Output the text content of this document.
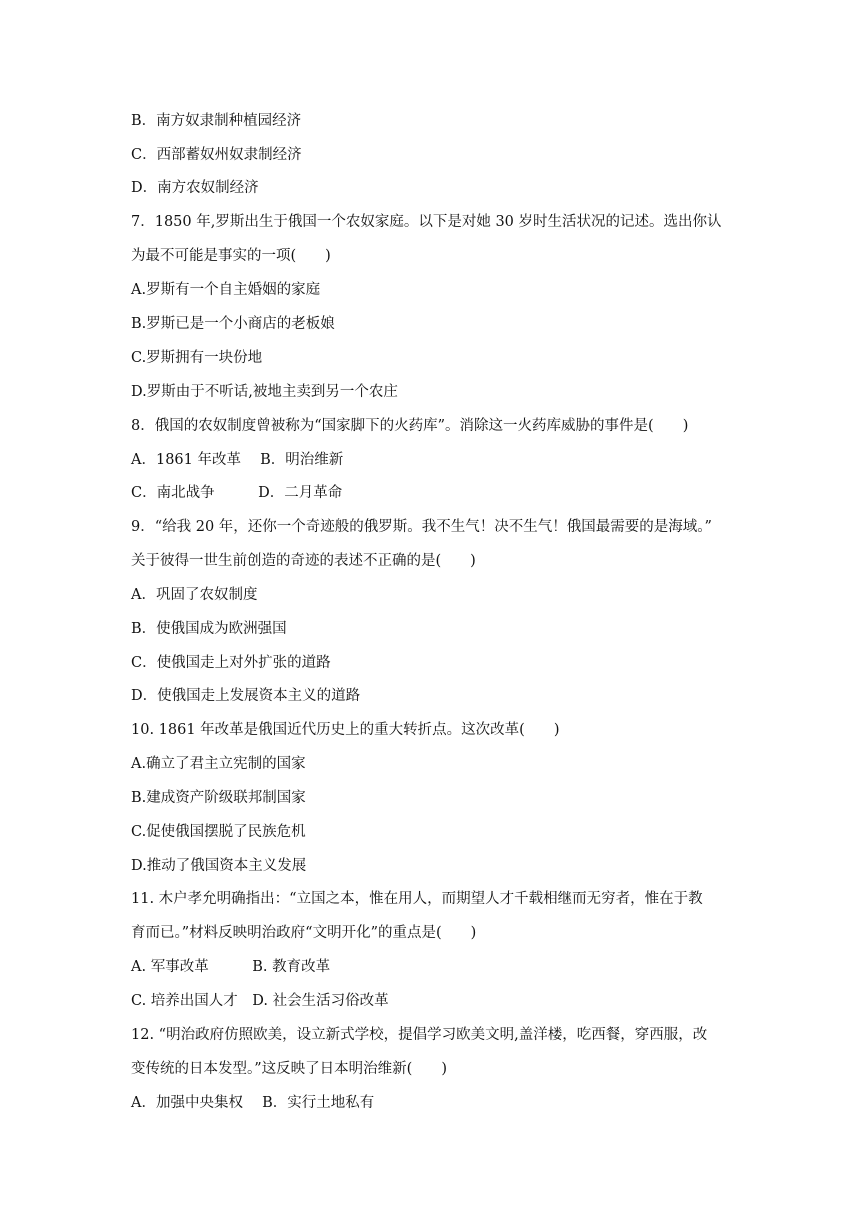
B．南方奴隶制种植园经济
C．西部蓄奴州奴隶制经济
D．南方农奴制经济
7．1850 年,罗斯出生于俄国一个农奴家庭。以下是对她 30 岁时生活状况的记述。选出你认
为最不可能是事实的一项(　　)
A.罗斯有一个自主婚姻的家庭
B.罗斯已是一个小商店的老板娘
C.罗斯拥有一块份地
D.罗斯由于不听话,被地主卖到另一个农庄
8．俄国的农奴制度曾被称为“国家脚下的火药库”。消除这一火药库威胁的事件是(　　)
A．1861 年改革　 B．明治维新
C．南北战争　　　D．二月革命
9．“给我 20 年，还你一个奇迹般的俄罗斯。我不生气！决不生气！俄国最需要的是海域。”
关于彼得一世生前创造的奇迹的表述不正确的是(　　)
A．巩固了农奴制度
B．使俄国成为欧洲强国
C．使俄国走上对外扩张的道路
D．使俄国走上发展资本主义的道路
10. 1861 年改革是俄国近代历史上的重大转折点。这次改革(　　)
A.确立了君主立宪制的国家
B.建成资产阶级联邦制国家
C.促使俄国摆脱了民族危机
D.推动了俄国资本主义发展
11. 木户孝允明确指出：“立国之本，惟在用人，而期望人才千载相继而无穷者，惟在于教
育而已。”材料反映明治政府“文明开化”的重点是(　　)
A. 军事改革　　　B. 教育改革
C. 培养出国人才　D. 社会生活习俗改革
12. “明治政府仿照欧美，设立新式学校，提倡学习欧美文明,盖洋楼，吃西餐，穿西服，改
变传统的日本发型。”这反映了日本明治维新(　　)
A．加强中央集权　 B．实行土地私有
